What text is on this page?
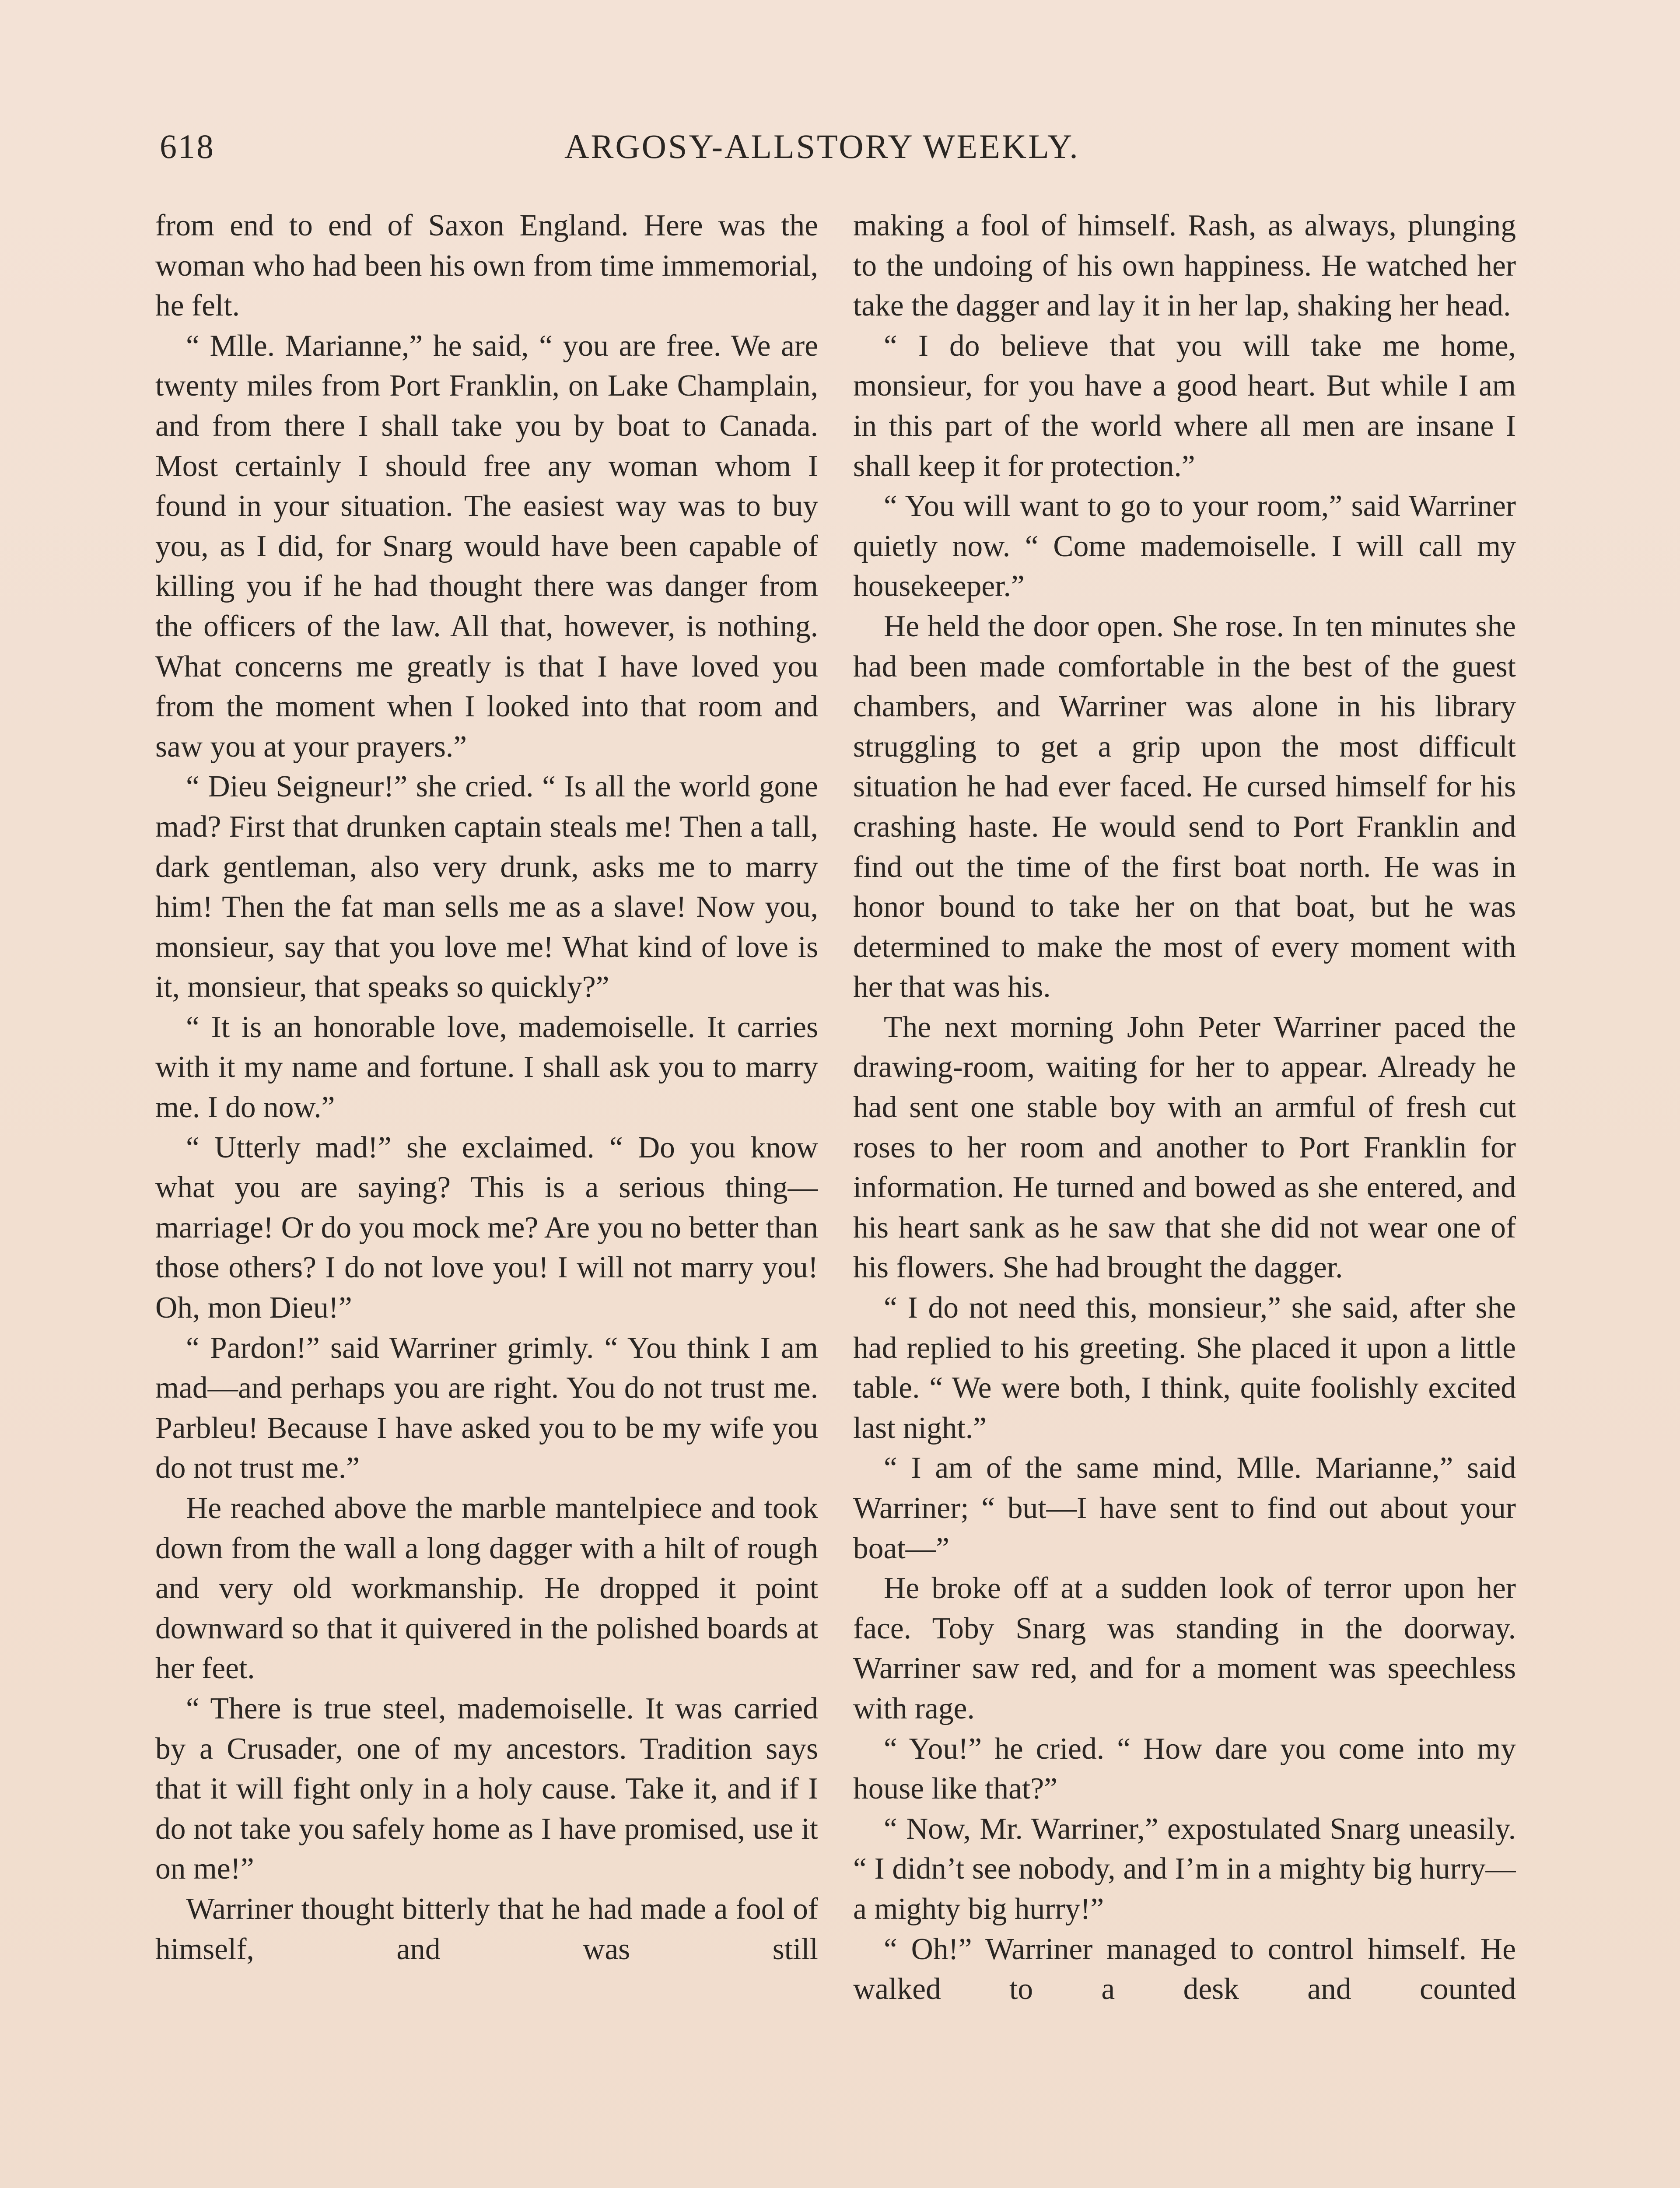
618	ARGOSY-ALLSTORY WEEKLY.

from end to end of Saxon England. Here was the woman who had been his own from time immemorial, he felt.

“ Mlle. Marianne,” he said, “ you are free. We are twenty miles from Port Franklin, on Lake Champlain, and from there I shall take you by boat to Canada. Most certainly I should free any woman whom I found in your situation. The easiest way was to buy you, as I did, for Snarg would have been capable of killing you if he had thought there was danger from the officers of the law. All that, however, is nothing. What concerns me greatly is that I have loved you from the moment when I looked into that room and saw you at your prayers.”

“ Dieu Seigneur!” she cried. “ Is all the world gone mad? First that drunken captain steals me! Then a tall, dark gentleman, also very drunk, asks me to marry him! Then the fat man sells me as a slave! Now you, monsieur, say that you love me! What kind of love is it, monsieur, that speaks so quickly?”

“ It is an honorable love, mademoiselle. It carries with it my name and fortune. I shall ask you to marry me. I do now.”

“ Utterly mad!” she exclaimed. “ Do you know what you are saying? This is a serious thing—marriage! Or do you mock me? Are you no better than those others? I do not love you! I will not marry you! Oh, mon Dieu!”

“ Pardon!” said Warriner grimly. “ You think I am mad—and perhaps you are right. You do not trust me. Parbleu! Because I have asked you to be my wife you do not trust me.”

He reached above the marble mantelpiece and took down from the wall a long dagger with a hilt of rough and very old workmanship. He dropped it point downward so that it quivered in the polished boards at her feet.

“ There is true steel, mademoiselle. It was carried by a Crusader, one of my ancestors. Tradition says that it will fight only in a holy cause. Take it, and if I do not take you safely home as I have promised, use it on me!”

Warriner thought bitterly that he had made a fool of himself, and was still

making a fool of himself. Rash, as always, plunging to the undoing of his own happiness. He watched her take the dagger and lay it in her lap, shaking her head.

“ I do believe that you will take me home, monsieur, for you have a good heart. But while I am in this part of the world where all men are insane I shall keep it for protection.”

“ You will want to go to your room,” said Warriner quietly now. “ Come mademoiselle. I will call my housekeeper.”

He held the door open. She rose. In ten minutes she had been made comfortable in the best of the guest chambers, and Warriner was alone in his library struggling to get a grip upon the most difficult situation he had ever faced. He cursed himself for his crashing haste. He would send to Port Franklin and find out the time of the first boat north. He was in honor bound to take her on that boat, but he was determined to make the most of every moment with her that was his.

The next morning John Peter Warriner paced the drawing-room, waiting for her to appear. Already he had sent one stable boy with an armful of fresh cut roses to her room and another to Port Franklin for information. He turned and bowed as she entered, and his heart sank as he saw that she did not wear one of his flowers. She had brought the dagger.

“ I do not need this, monsieur,” she said, after she had replied to his greeting. She placed it upon a little table. “ We were both, I think, quite foolishly excited last night.”

“ I am of the same mind, Mlle. Marianne,” said Warriner; “ but—I have sent to find out about your boat—”

He broke off at a sudden look of terror upon her face. Toby Snarg was standing in the doorway. Warriner saw red, and for a moment was speechless with rage.

“ You!” he cried. “ How dare you come into my house like that?”

“ Now, Mr. Warriner,” expostulated Snarg uneasily. “ I didn’t see nobody, and I’m in a mighty big hurry—a mighty big hurry!”

“ Oh!” Warriner managed to control himself. He walked to a desk and counted
